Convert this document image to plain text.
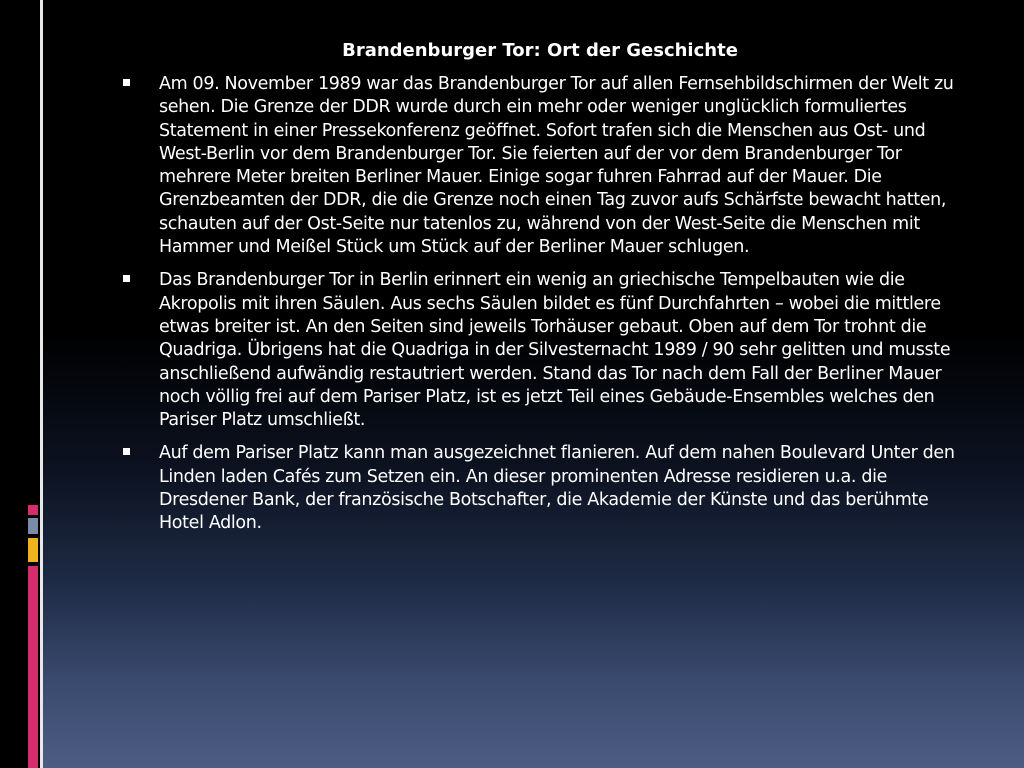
Brandenburger Tor: Ort der Geschichte
Am 09. November 1989 war das Brandenburger Tor auf allen Fernsehbildschirmen der Welt zu sehen. Die Grenze der DDR wurde durch ein mehr oder weniger unglücklich formuliertes Statement in einer Pressekonferenz geöffnet. Sofort trafen sich die Menschen aus Ost- und West-Berlin vor dem Brandenburger Tor. Sie feierten auf der vor dem Brandenburger Tor mehrere Meter breiten Berliner Mauer. Einige sogar fuhren Fahrrad auf der Mauer. Die Grenzbeamten der DDR, die die Grenze noch einen Tag zuvor aufs Schärfste bewacht hatten, schauten auf der Ost-Seite nur tatenlos zu, während von der West-Seite die Menschen mit Hammer und Meißel Stück um Stück auf der Berliner Mauer schlugen.
Das Brandenburger Tor in Berlin erinnert ein wenig an griechische Tempelbauten wie die Akropolis mit ihren Säulen. Aus sechs Säulen bildet es fünf Durchfahrten – wobei die mittlere etwas breiter ist. An den Seiten sind jeweils Torhäuser gebaut. Oben auf dem Tor trohnt die Quadriga. Übrigens hat die Quadriga in der Silvesternacht 1989 / 90 sehr gelitten und musste anschließend aufwändig restautriert werden. Stand das Tor nach dem Fall der Berliner Mauer noch völlig frei auf dem Pariser Platz, ist es jetzt Teil eines Gebäude-Ensembles welches den Pariser Platz umschließt.
Auf dem Pariser Platz kann man ausgezeichnet flanieren. Auf dem nahen Boulevard Unter den Linden laden Cafés zum Setzen ein. An dieser prominenten Adresse residieren u.a. die Dresdener Bank, der französische Botschafter, die Akademie der Künste und das berühmte Hotel Adlon.
